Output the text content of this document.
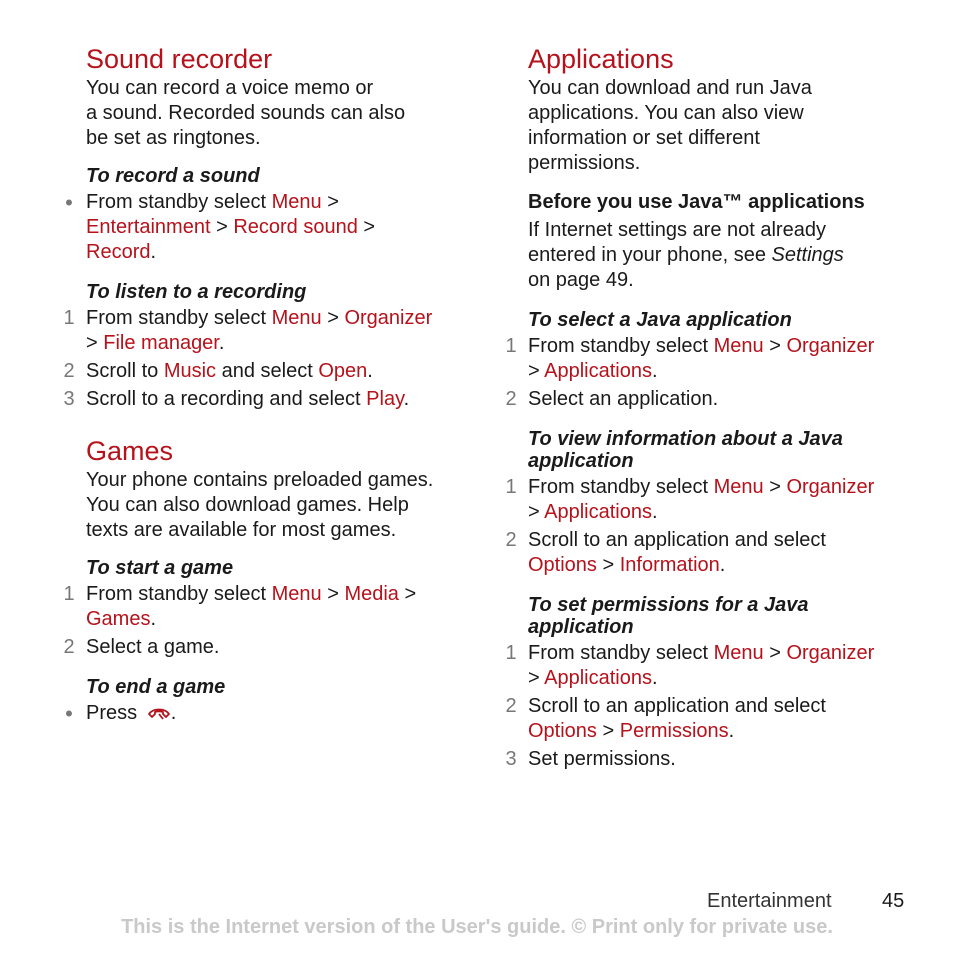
Sound recorder

You can record a voice memo or
a sound. Recorded sounds can also
be set as ringtones.

To record a sound

• From standby select Menu >
Entertainment > Record sound >
Record.

To listen to a recording

1 From standby select Menu > Organizer
> File manager.
2 Scroll to Music and select Open.
3 Scroll to a recording and select Play.
Games

Your phone contains preloaded games.
You can also download games. Help
texts are available for most games.

To start a game

1 From standby select Menu > Media >
Games.
2 Select a game.

To end a game

• Press .
Applications

You can download and run Java
applications. You can also view
information or set different
permissions.

Before you use Java™ applications

If Internet settings are not already
entered in your phone, see Settings
on page 49.

To select a Java application

1 From standby select Menu > Organizer
> Applications.
2 Select an application.

To view information about a Java
application

1 From standby select Menu > Organizer
> Applications.
2 Scroll to an application and select
Options > Information.

To set permissions for a Java
application

1 From standby select Menu > Organizer
> Applications.
2 Scroll to an application and select
Options > Permissions.
3 Set permissions.
Entertainment	45
This is the Internet version of the User's guide. © Print only for private use.
